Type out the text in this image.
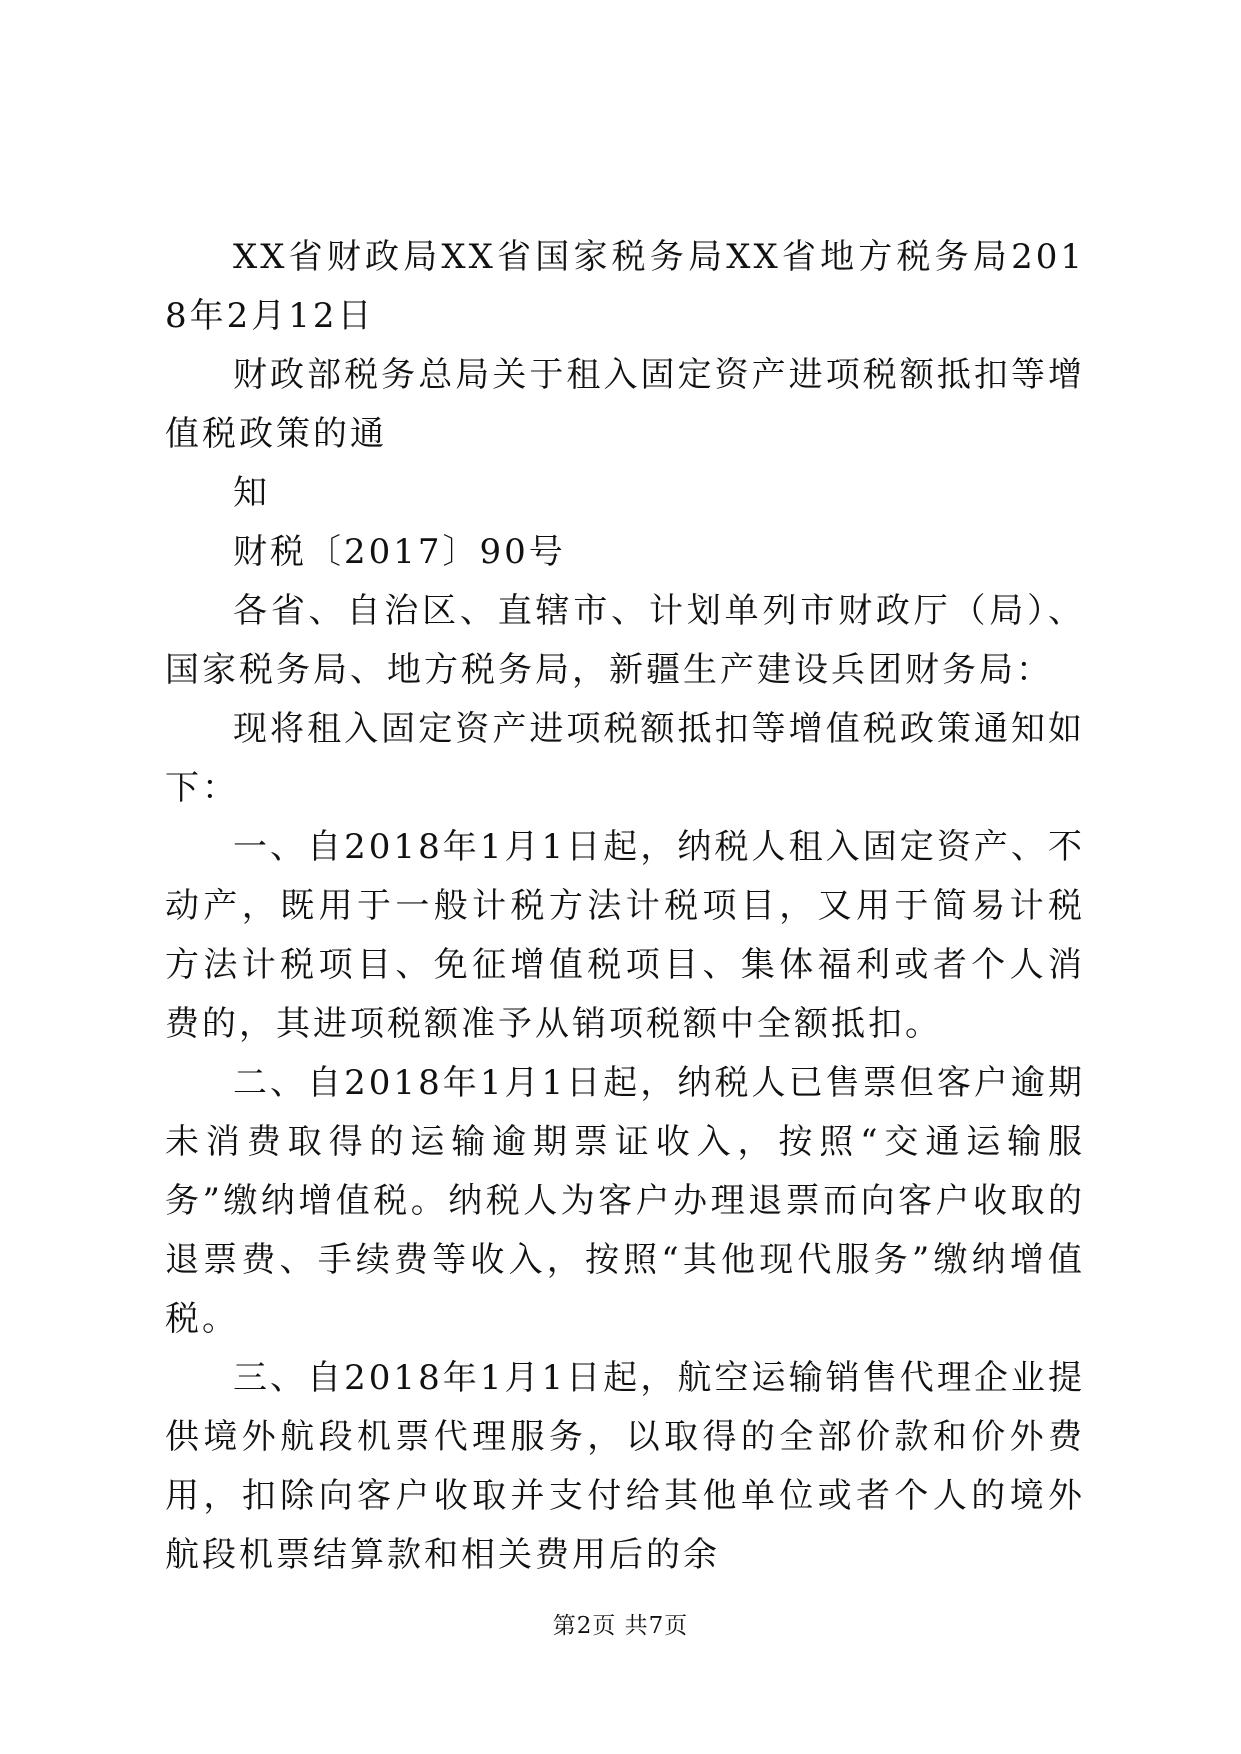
XX省财政局XX省国家税务局XX省地方税务局2018年2月12日

财政部税务总局关于租入固定资产进项税额抵扣等增值税政策的通

知

财税〔2017〕90号

各省、自治区、直辖市、计划单列市财政厅（局）、国家税务局、地方税务局，新疆生产建设兵团财务局：

现将租入固定资产进项税额抵扣等增值税政策通知如下：

一、自2018年1月1日起，纳税人租入固定资产、不动产，既用于一般计税方法计税项目，又用于简易计税方法计税项目、免征增值税项目、集体福利或者个人消费的，其进项税额准予从销项税额中全额抵扣。

二、自2018年1月1日起，纳税人已售票但客户逾期未消费取得的运输逾期票证收入，按照“交通运输服务”缴纳增值税。纳税人为客户办理退票而向客户收取的退票费、手续费等收入，按照“其他现代服务”缴纳增值税。

三、自2018年1月1日起，航空运输销售代理企业提供境外航段机票代理服务，以取得的全部价款和价外费用，扣除向客户收取并支付给其他单位或者个人的境外航段机票结算款和相关费用后的余

第2页 共7页
